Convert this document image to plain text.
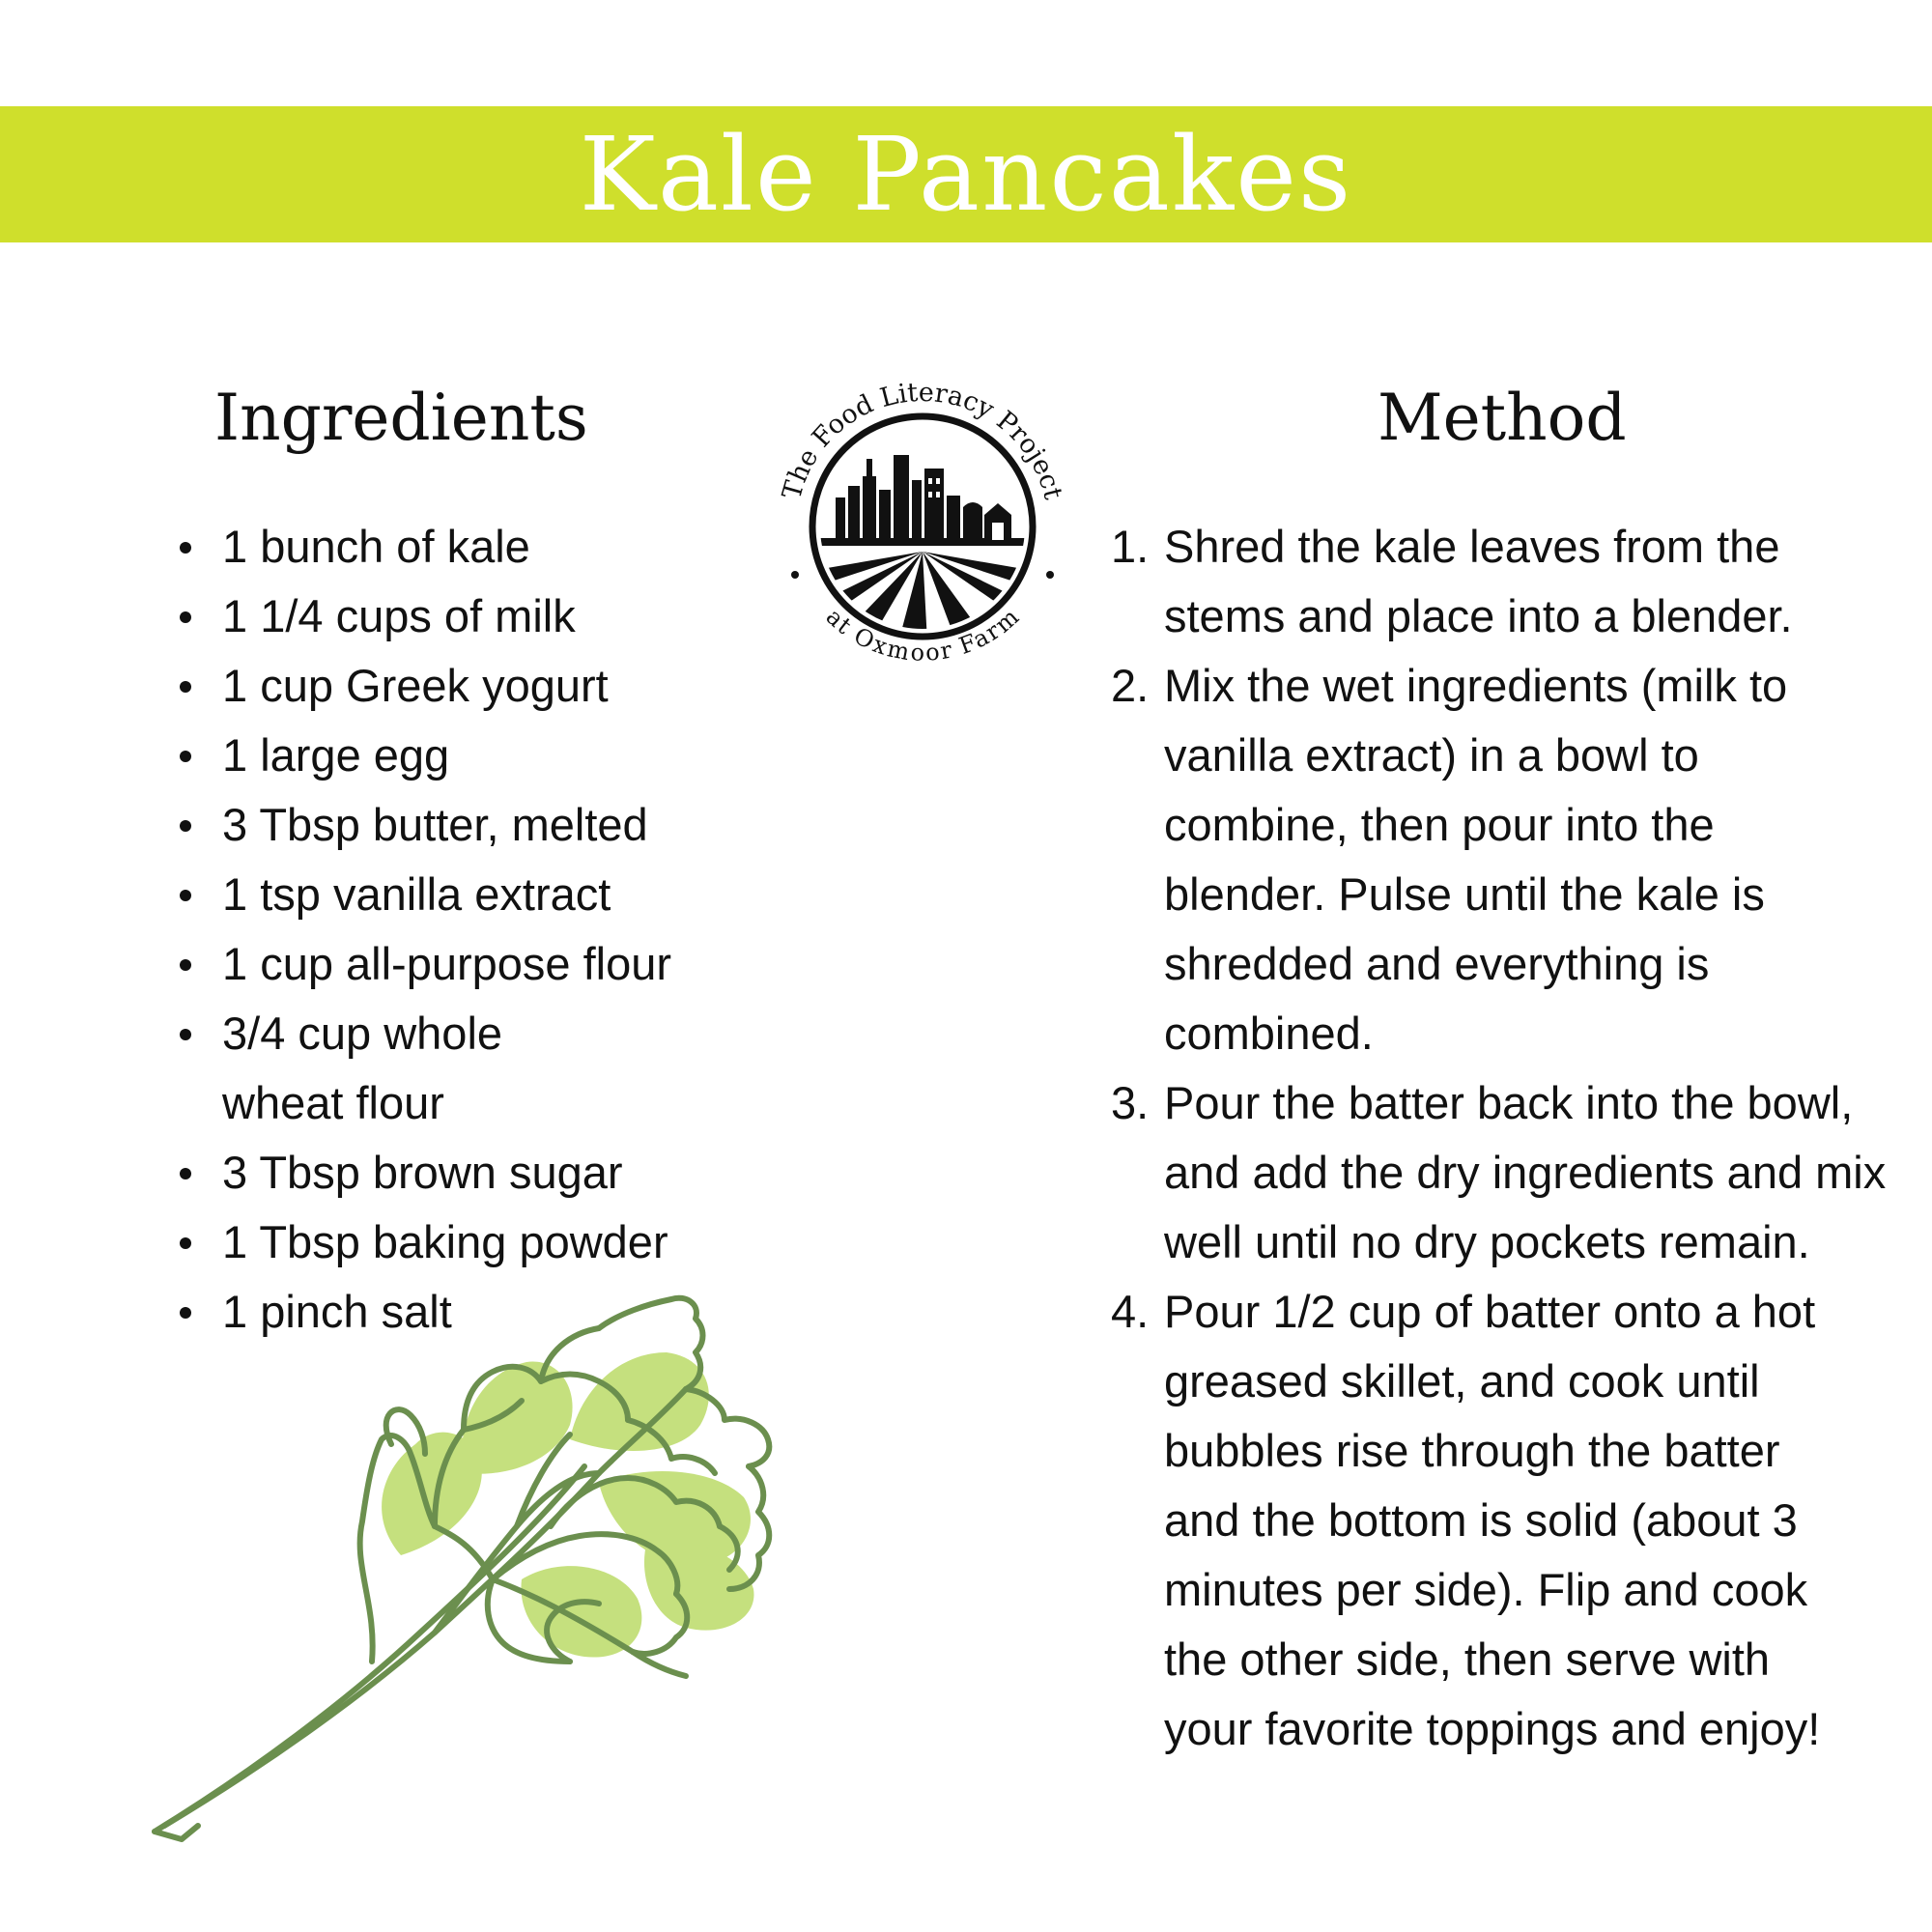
Kale Pancakes
Ingredients	Method
1 bunch of kale
1 1/4 cups of milk
1 cup Greek yogurt
1 large egg
3 Tbsp butter, melted
1 tsp vanilla extract
1 cup all-purpose flour
3/4 cup whole wheat flour
3 Tbsp brown sugar
1 Tbsp baking powder
1 pinch salt
1. Shred the kale leaves from the stems and place into a blender.
2. Mix the wet ingredients (milk to vanilla extract) in a bowl to combine, then pour into the blender. Pulse until the kale is shredded and everything is combined.
3. Pour the batter back into the bowl, and add the dry ingredients and mix well until no dry pockets remain.
4. Pour 1/2 cup of batter onto a hot greased skillet, and cook until bubbles rise through the batter and the bottom is solid (about 3 minutes per side). Flip and cook the other side, then serve with your favorite toppings and enjoy!
The Food Literacy Project
at Oxmoor Farm
